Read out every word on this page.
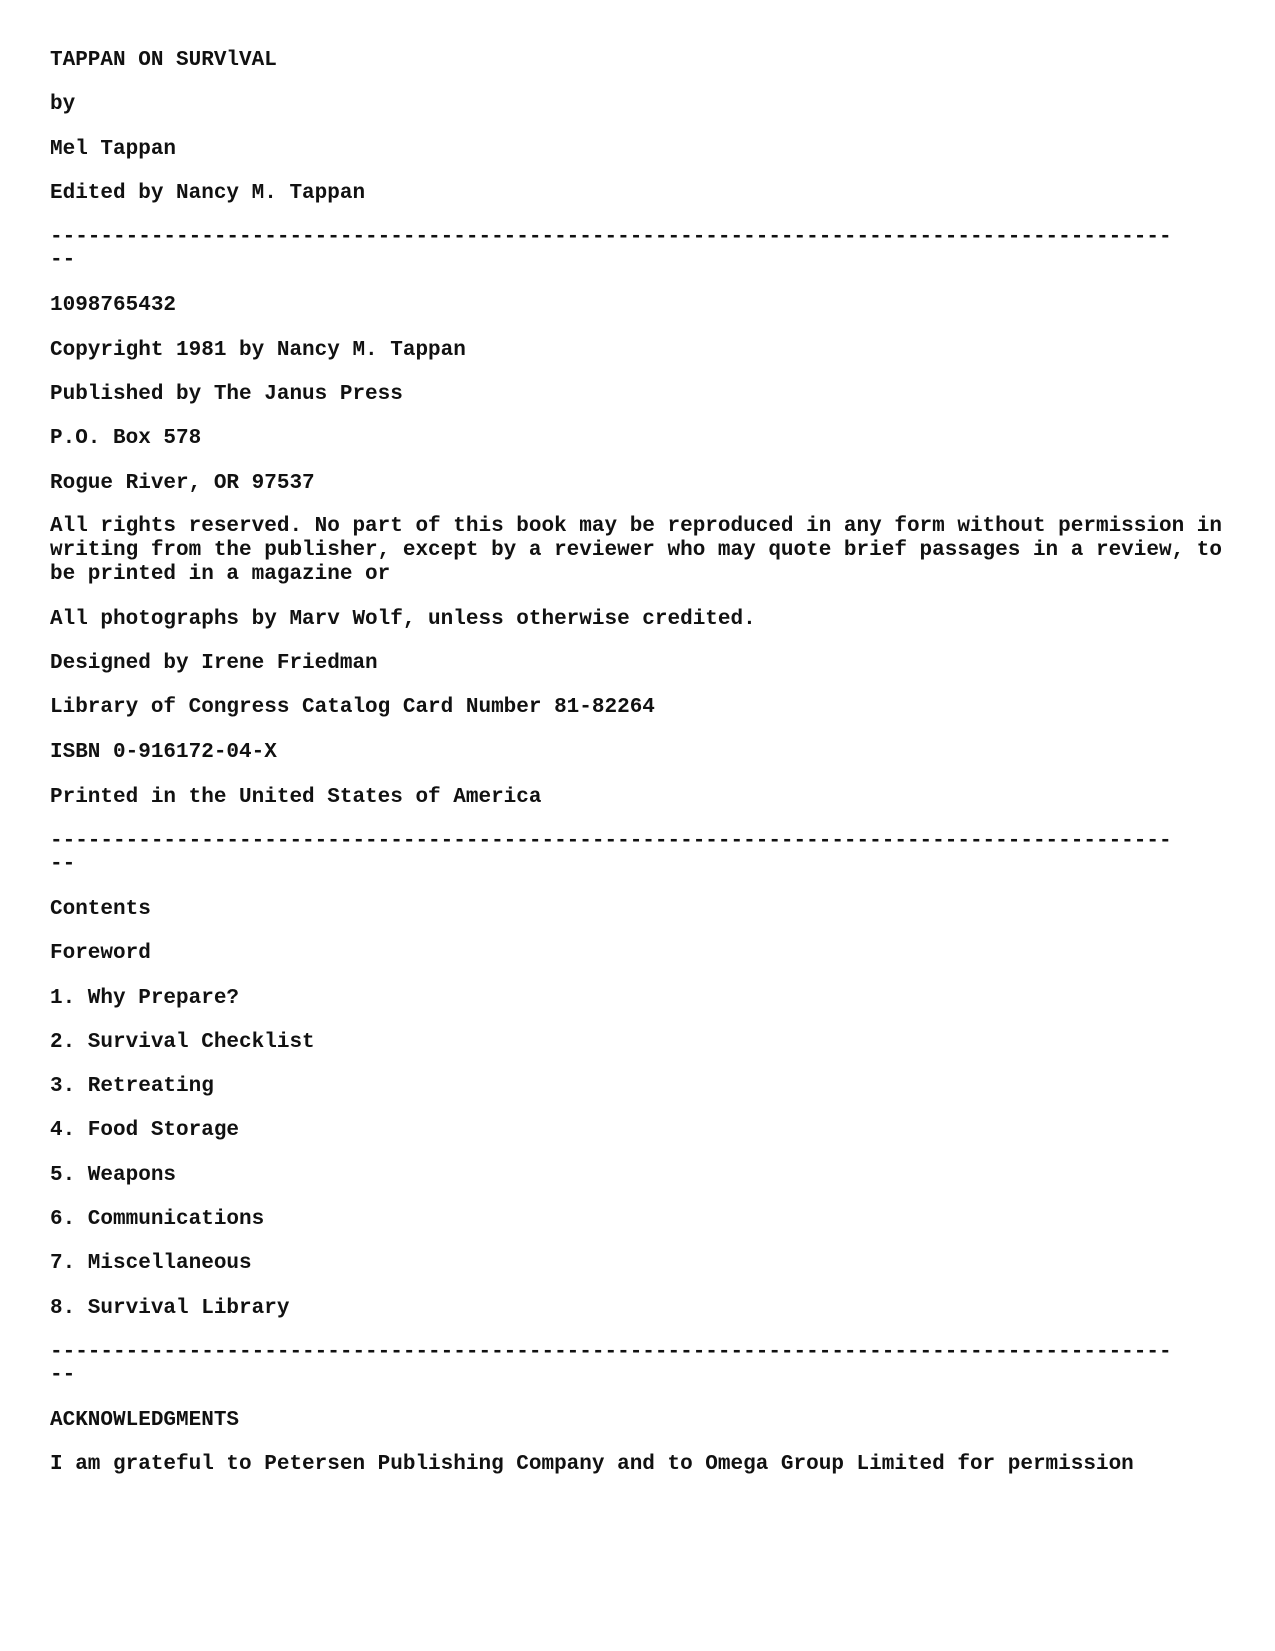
TAPPAN ON SURVlVAL

by

Mel Tappan

Edited by Nancy M. Tappan

-----------------------------------------------------------------------------------------

--

1098765432

Copyright 1981 by Nancy M. Tappan

Published by The Janus Press

P.O. Box 578

Rogue River, OR 97537

All rights reserved. No part of this book may be reproduced in any form without permission in writing from the publisher, except by a reviewer who may quote brief passages in a review, to be printed in a magazine or

All photographs by Marv Wolf, unless otherwise credited.

Designed by Irene Friedman

Library of Congress Catalog Card Number 81-82264

ISBN 0-916172-04-X

Printed in the United States of America

-----------------------------------------------------------------------------------------

--

Contents

Foreword

1. Why Prepare?

2. Survival Checklist

3. Retreating

4. Food Storage

5. Weapons

6. Communications

7. Miscellaneous

8. Survival Library

-----------------------------------------------------------------------------------------

--

ACKNOWLEDGMENTS

I am grateful to Petersen Publishing Company and to Omega Group Limited for permission
